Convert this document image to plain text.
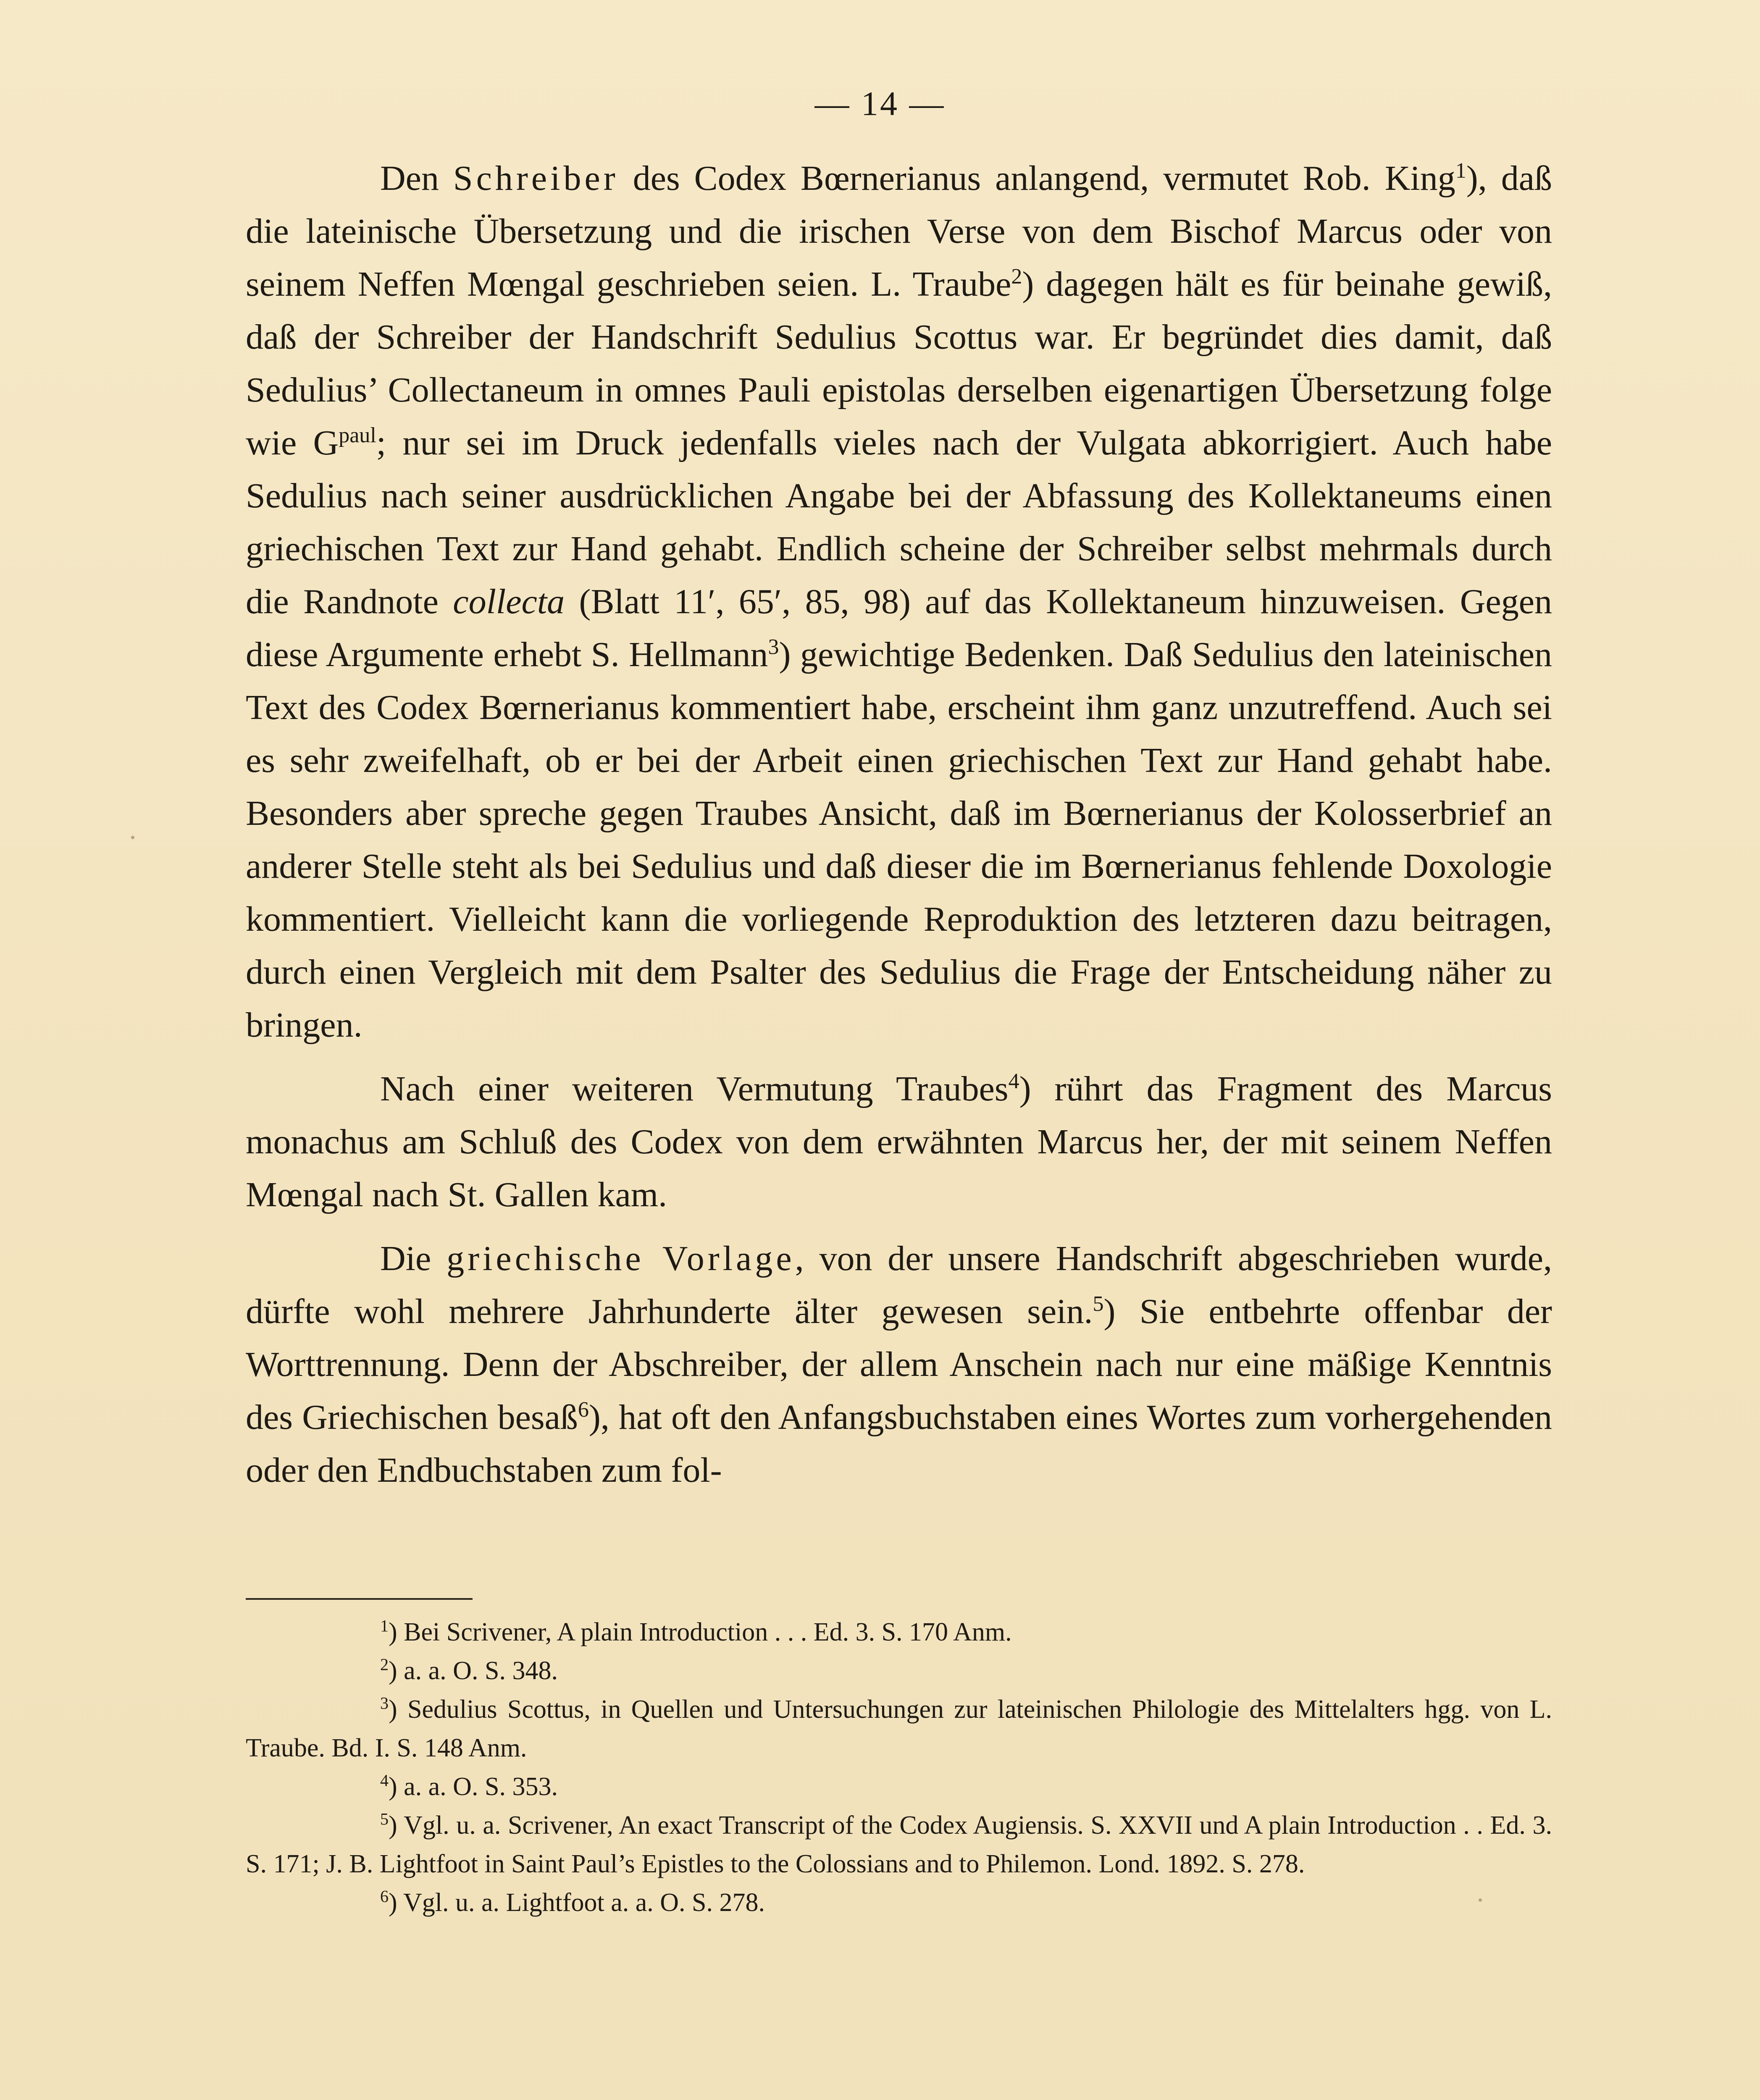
— 14 —

Den Schreiber des Codex Bœrnerianus anlangend, vermutet Rob. King$^1$), daß die lateinische Übersetzung und die irischen Verse von dem Bischof Marcus oder von seinem Neffen Mœngal geschrieben seien. L. Traube$^2$) dagegen hält es für beinahe gewiß, daß der Schreiber der Handschrift Sedulius Scottus war. Er begründet dies damit, daß Sedulius’ Collectaneum in omnes Pauli epistolas derselben eigenartigen Übersetzung folge wie $G^{paul}$; nur sei im Druck jedenfalls vieles nach der Vulgata abkorrigiert. Auch habe Sedulius nach seiner ausdrücklichen Angabe bei der Abfassung des Kollektaneums einen griechischen Text zur Hand gehabt. Endlich scheine der Schreiber selbst mehrmals durch die Randnote collecta (Blatt 11′, 65′, 85, 98) auf das Kollektaneum hinzuweisen. Gegen diese Argumente erhebt S. Hellmann$^3$) gewichtige Bedenken. Daß Sedulius den lateinischen Text des Codex Bœrnerianus kommentiert habe, erscheint ihm ganz unzutreffend. Auch sei es sehr zweifelhaft, ob er bei der Arbeit einen griechischen Text zur Hand gehabt habe. Besonders aber spreche gegen Traubes Ansicht, daß im Bœrnerianus der Kolosserbrief an anderer Stelle steht als bei Sedulius und daß dieser die im Bœrnerianus fehlende Doxologie kommentiert. Vielleicht kann die vorliegende Reproduktion des letzteren dazu beitragen, durch einen Vergleich mit dem Psalter des Sedulius die Frage der Entscheidung näher zu bringen.

Nach einer weiteren Vermutung Traubes$^4$) rührt das Fragment des Marcus monachus am Schluß des Codex von dem erwähnten Marcus her, der mit seinem Neffen Mœngal nach St. Gallen kam.

Die griechische Vorlage, von der unsere Handschrift abgeschrieben wurde, dürfte wohl mehrere Jahrhunderte älter gewesen sein.$^5$) Sie entbehrte offenbar der Worttrennung. Denn der Abschreiber, der allem Anschein nach nur eine mäßige Kenntnis des Griechischen besaß$^6$), hat oft den Anfangsbuchstaben eines Wortes zum vorhergehenden oder den Endbuchstaben zum fol-

$^1$) Bei Scrivener, A plain Introduction . . . Ed. 3. S. 170 Anm.

$^2$) a. a. O. S. 348.

$^3$) Sedulius Scottus, in Quellen und Untersuchungen zur lateinischen Philologie des Mittelalters hgg. von L. Traube. Bd. I. S. 148 Anm.

$^4$) a. a. O. S. 353.

$^5$) Vgl. u. a. Scrivener, An exact Transcript of the Codex Augiensis. S. XXVII und A plain Introduction . . Ed. 3. S. 171; J. B. Lightfoot in Saint Paul’s Epistles to the Colossians and to Philemon. Lond. 1892. S. 278.

$^6$) Vgl. u. a. Lightfoot a. a. O. S. 278.
